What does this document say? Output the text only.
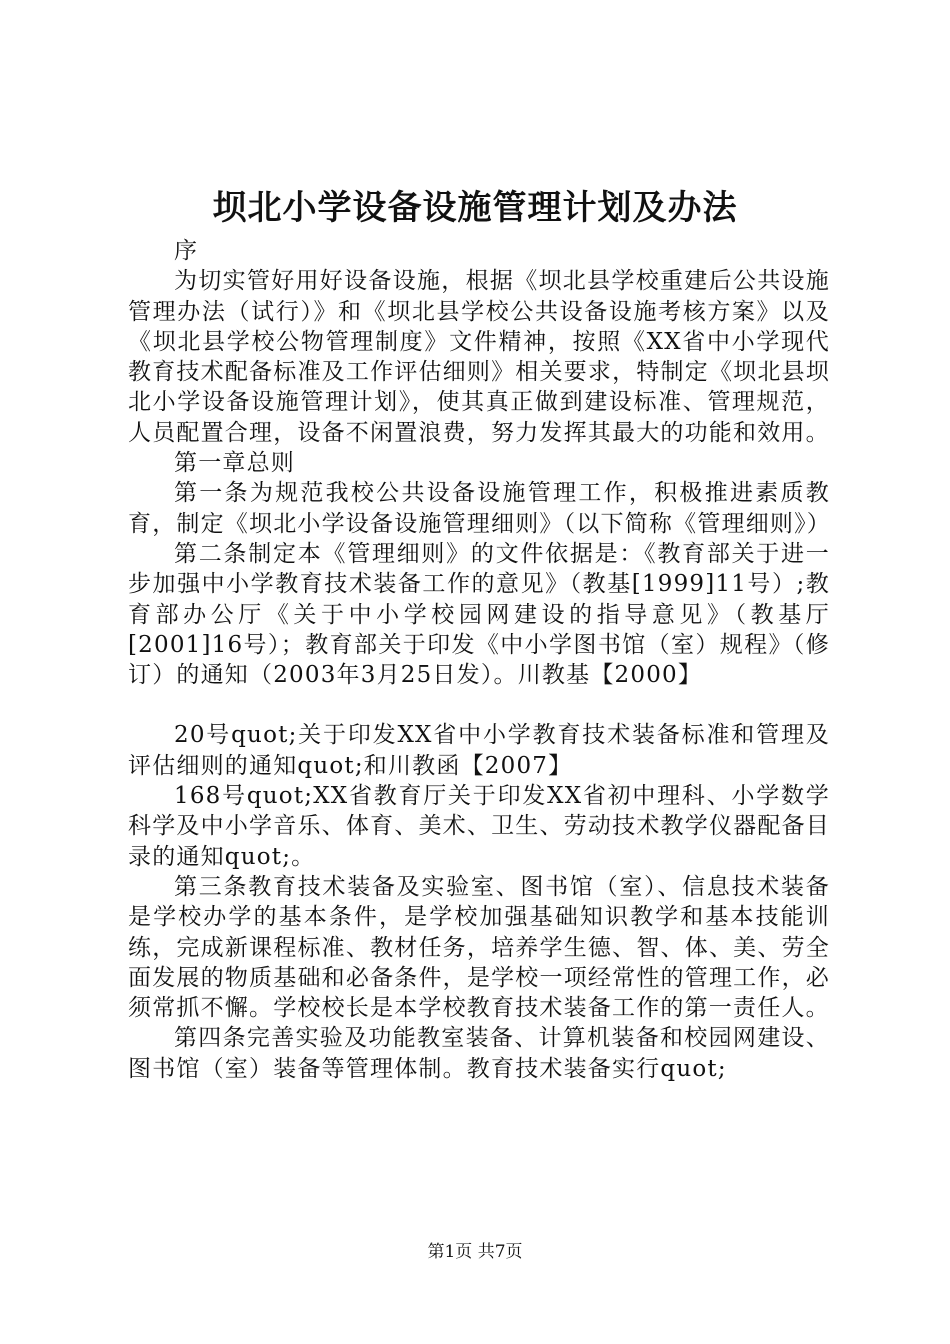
坝北小学设备设施管理计划及办法

序

为切实管好用好设备设施，根据《坝北县学校重建后公共设施管理办法（试行）》和《坝北县学校公共设备设施考核方案》以及《坝北县学校公物管理制度》文件精神，按照《XX省中小学现代教育技术配备标准及工作评估细则》相关要求，特制定《坝北县坝北小学设备设施管理计划》，使其真正做到建设标准、管理规范，人员配置合理，设备不闲置浪费，努力发挥其最大的功能和效用。

第一章总则

第一条为规范我校公共设备设施管理工作，积极推进素质教育，制定《坝北小学设备设施管理细则》（以下简称《管理细则》）

第二条制定本《管理细则》的文件依据是：《教育部关于进一步加强中小学教育技术装备工作的意见》（教基[1999]11号）;教育部办公厅《关于中小学校园网建设的指导意见》（教基厅[2001]16号）；教育部关于印发《中小学图书馆（室）规程》（修订）的通知（2003年3月25日发）。川教基【2000】

20号quot;关于印发XX省中小学教育技术装备标准和管理及评估细则的通知quot;和川教函【2007】

168号quot;XX省教育厅关于印发XX省初中理科、小学数学科学及中小学音乐、体育、美术、卫生、劳动技术教学仪器配备目录的通知quot;。

第三条教育技术装备及实验室、图书馆（室）、信息技术装备是学校办学的基本条件，是学校加强基础知识教学和基本技能训练，完成新课程标准、教材任务，培养学生德、智、体、美、劳全面发展的物质基础和必备条件，是学校一项经常性的管理工作，必须常抓不懈。学校校长是本学校教育技术装备工作的第一责任人。

第四条完善实验及功能教室装备、计算机装备和校园网建设、图书馆（室）装备等管理体制。教育技术装备实行quot;

第1页 共7页
